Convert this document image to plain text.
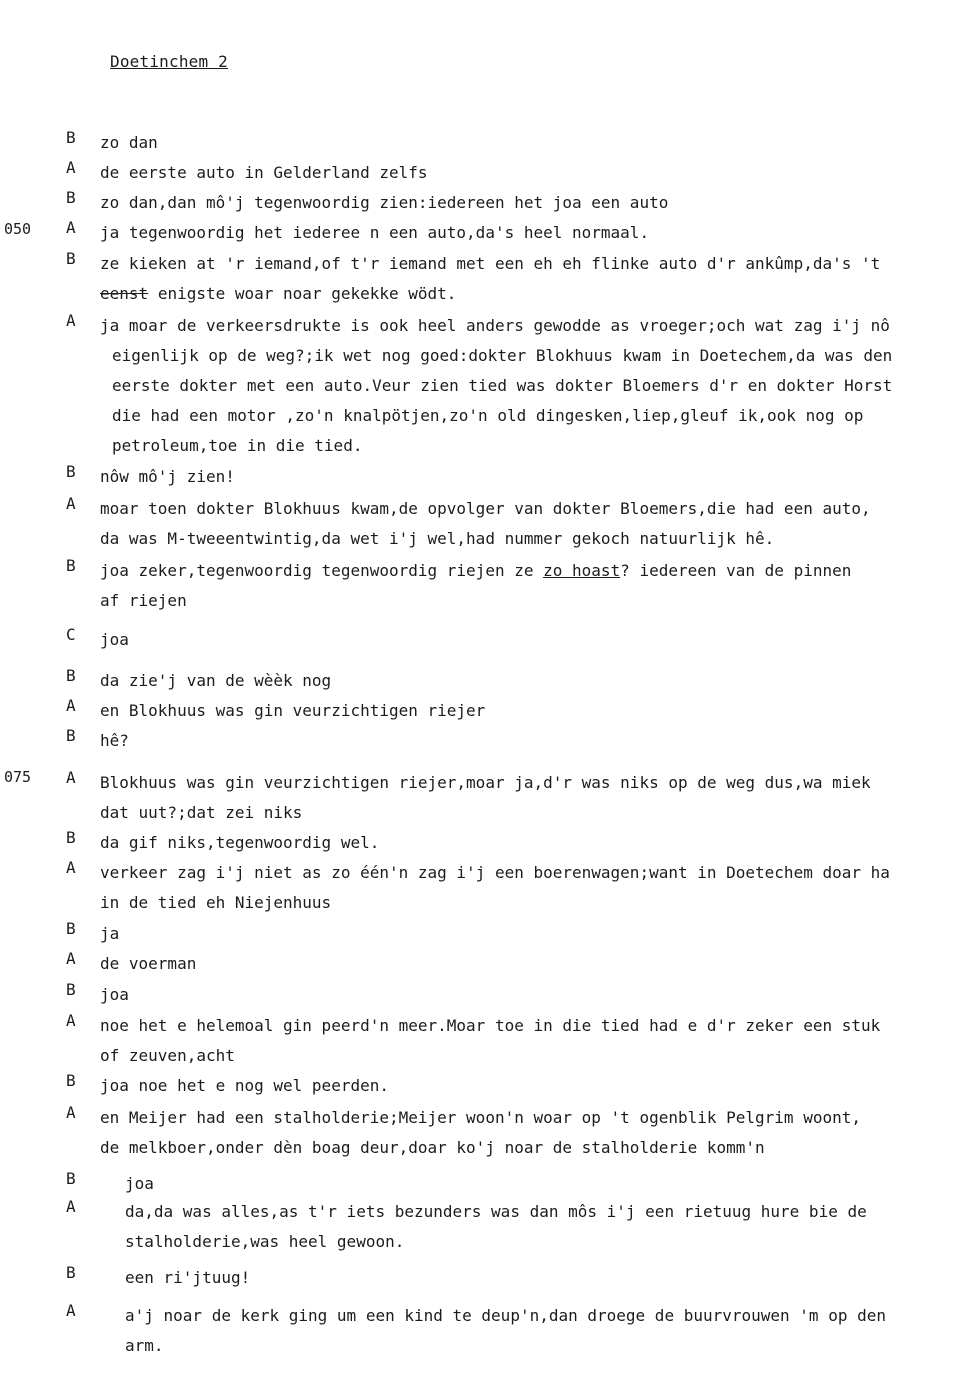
Doetinchem 2
050
075
B zo dan
A de eerste auto in Gelderland zelfs
B zo dan,dan mô'j tegenwoordig zien:iedereen het joa een auto
A ja tegenwoordig het iederee n een auto,da's heel normaal.
B ze kieken at 'r iemand,of t'r iemand met een eh eh flinke auto d'r ankûmp,da's 't
eenst enigste woar noar gekekke wödt.
A ja moar de verkeersdrukte is ook heel anders gewodde as vroeger;och wat zag i'j nô
eigenlijk op de weg?;ik wet nog goed:dokter Blokhuus kwam in Doetechem,da was den
eerste dokter met een auto.Veur zien tied was dokter Bloemers d'r en dokter Horst
die had een motor ,zo'n knalpötjen,zo'n old dingesken,liep,gleuf ik,ook nog op
petroleum,toe in die tied.
B nôw mô'j zien!
A moar toen dokter Blokhuus kwam,de opvolger van dokter Bloemers,die had een auto,
da was M-tweeentwintig,da wet i'j wel,had nummer gekoch natuurlijk hê.
B joa zeker,tegenwoordig tegenwoordig riejen ze zo hoast? iedereen van de pinnen
af riejen
C joa
B da zie'j van de wèèk nog
A en Blokhuus was gin veurzichtigen riejer
B hê?
A Blokhuus was gin veurzichtigen riejer,moar ja,d'r was niks op de weg dus,wa miek
dat uut?;dat zei niks
B da gif niks,tegenwoordig wel.
A verkeer zag i'j niet as zo één'n zag i'j een boerenwagen;want in Doetechem doar ha
in de tied eh Niejenhuus
B ja
A de voerman
B joa
A noe het e helemoal gin peerd'n meer.Moar toe in die tied had e d'r zeker een stuk
of zeuven,acht
B joa noe het e nog wel peerden.
A en Meijer had een stalholderie;Meijer woon'n woar op 't ogenblik Pelgrim woont,
de melkboer,onder dèn boag deur,doar ko'j noar de stalholderie komm'n
B	joa
A	da,da was alles,as t'r iets bezunders was dan môs i'j een rietuug hure bie de
stalholderie,was heel gewoon.
B	een ri'jtuug!
A	a'j noar de kerk ging um een kind te deup'n,dan droege de buurvrouwen 'm op den
arm.
